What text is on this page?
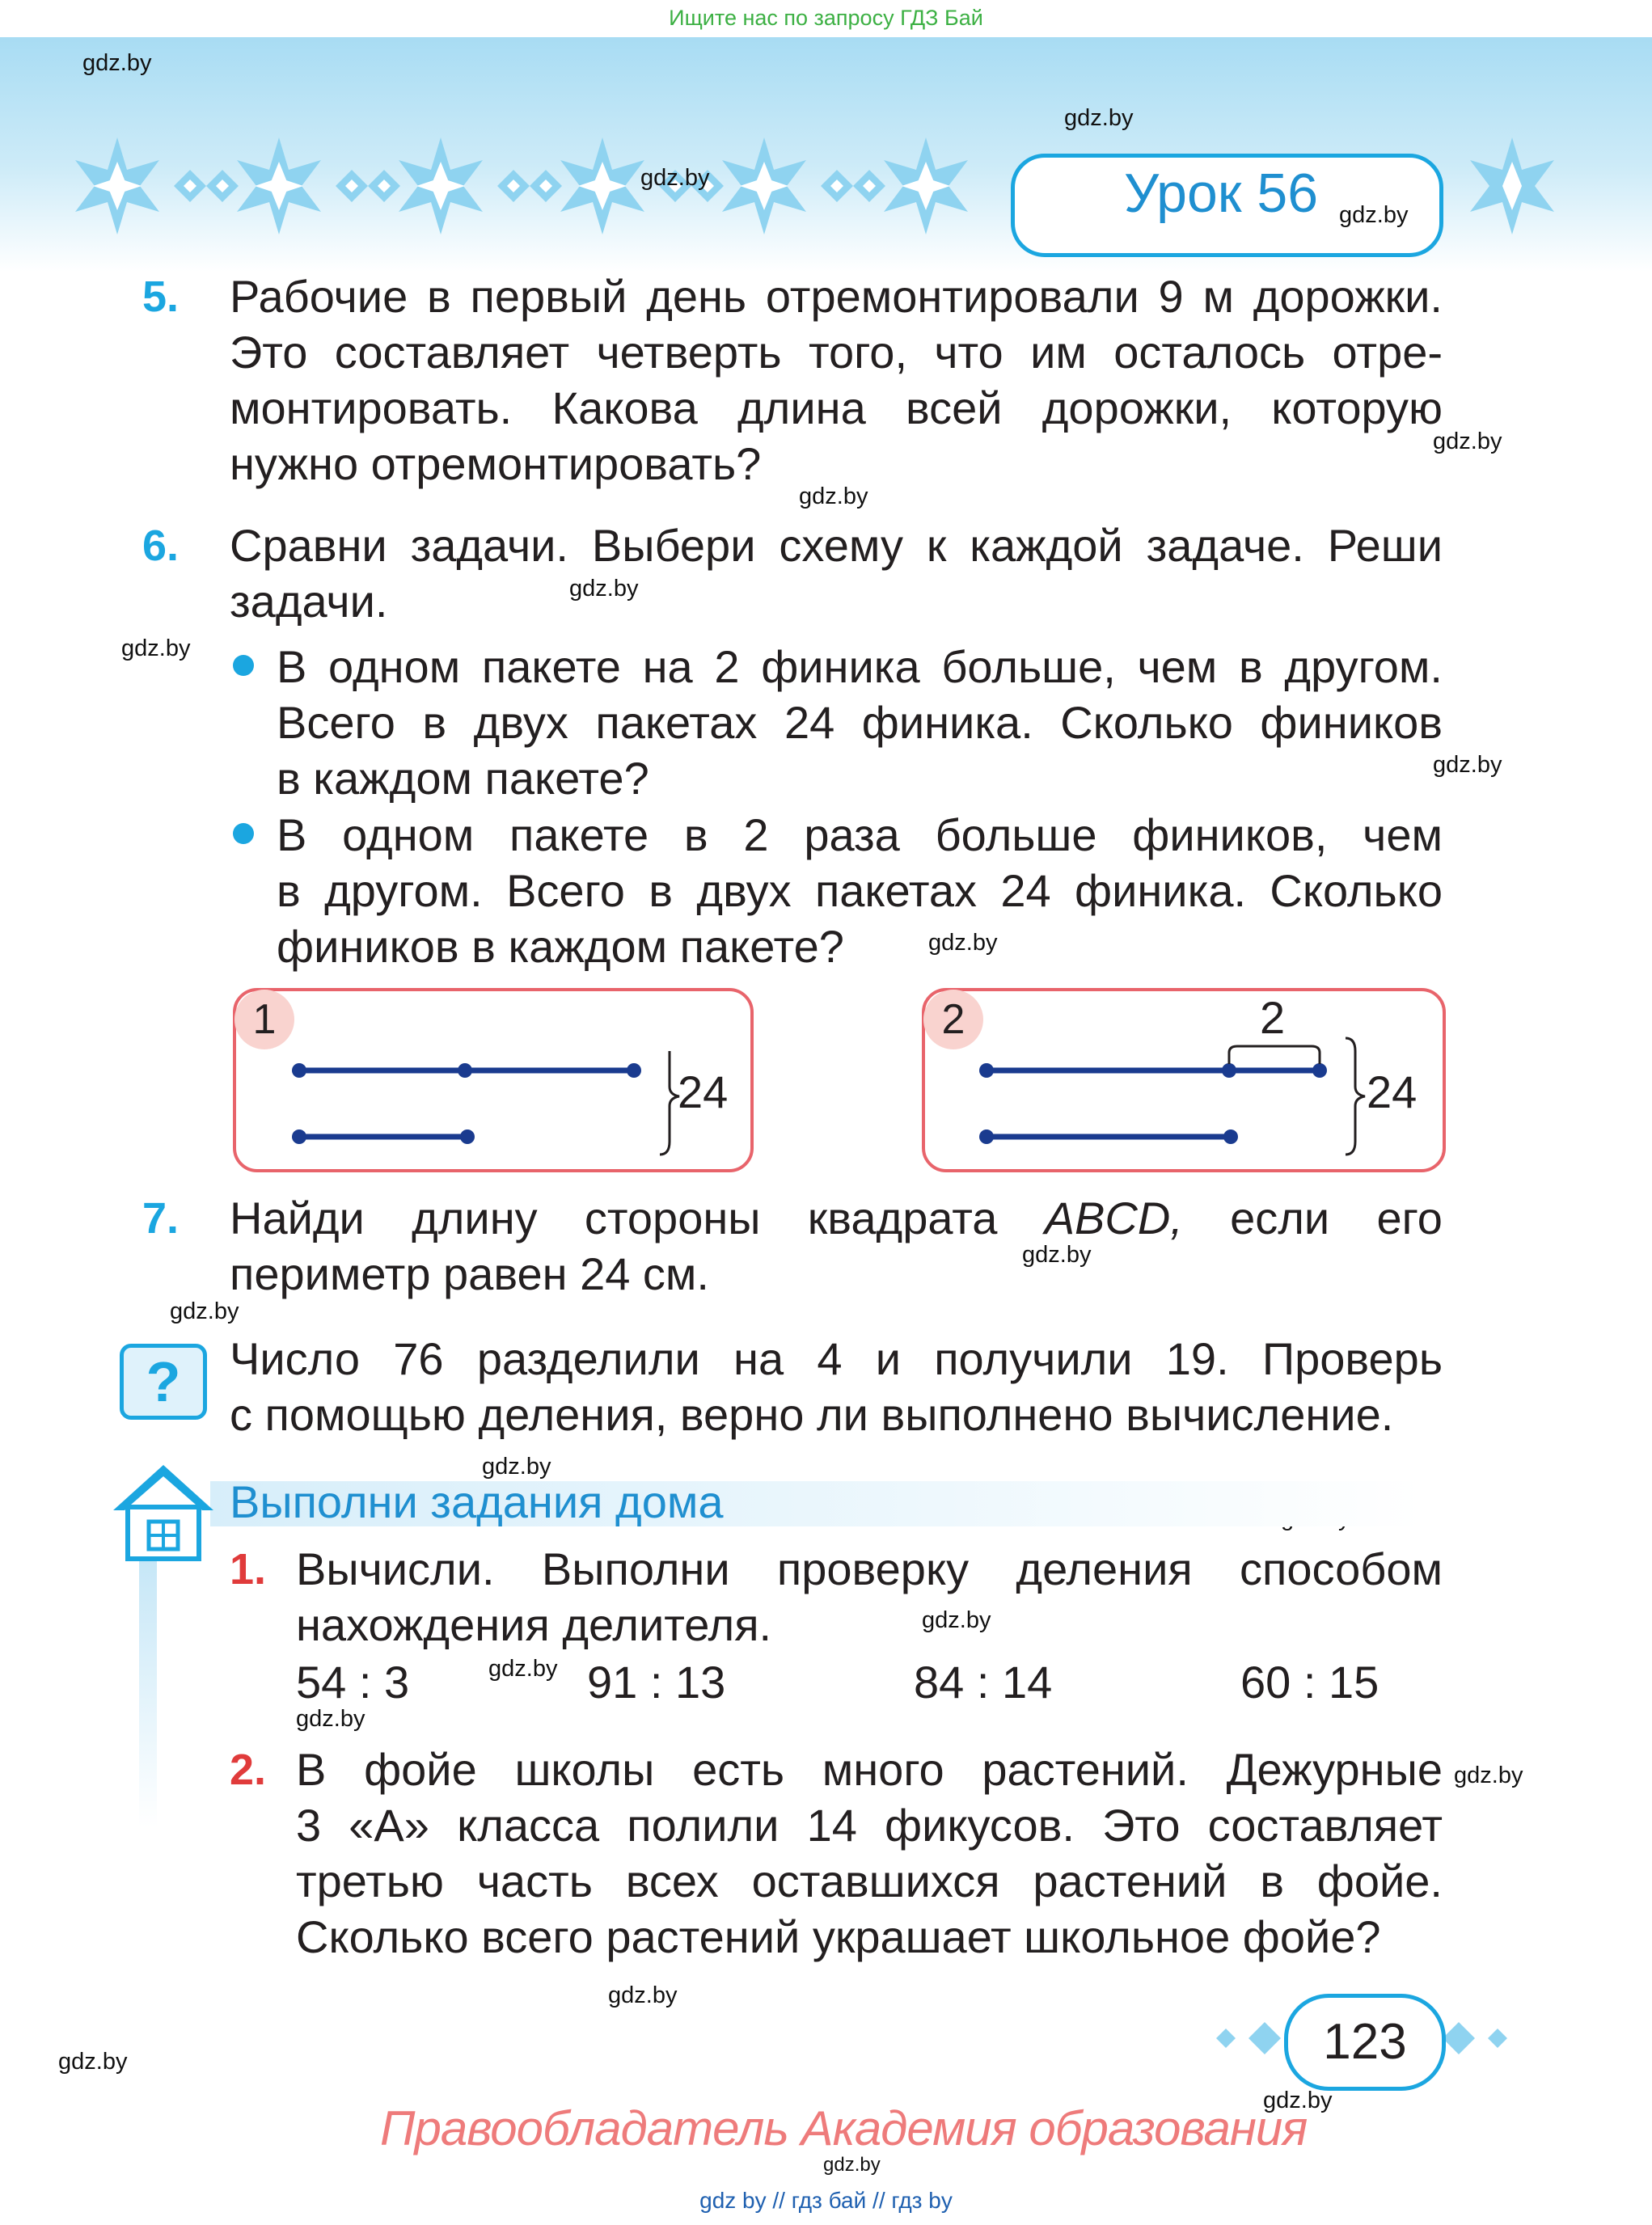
Ищите нас по запросу ГДЗ Бай
Урок 56
gdz.by
gdz.by
gdz.by
gdz.by
gdz.by
gdz.by
gdz.by
gdz.by
gdz.by
gdz.by
gdz.by
gdz.by
gdz.by
gdz.by
gdz.by
gdz.by
gdz.by
gdz.by
gdz.by
gdz.by
gdz.by
5. Рабочие в первый день отремонтировали 9 м дорожки.
Это составляет четверть того, что им осталось отре-
монтировать. Какова длина всей дорожки, которую
нужно отремонтировать?
6. Сравни задачи. Выбери схему к каждой задаче. Реши
задачи.
В одном пакете на 2 финика больше, чем в другом.
Всего в двух пакетах 24 финика. Сколько фиников
в каждом пакете?
В одном пакете в 2 раза больше фиников, чем
в другом. Всего в двух пакетах 24 финика. Сколько
фиников в каждом пакете?
1
24
2	2
24
7. Найди длину стороны квадрата ABCD, если его
периметр равен 24 см.
?	Число 76 разделили на 4 и получили 19. Проверь
с помощью деления, верно ли выполнено вычисление.
Выполни задания дома
1. Вычисли. Выполни проверку деления способом
нахождения делителя.
54 : 3	91 : 13	84 : 14	60 : 15
2. В фойе школы есть много растений. Дежурные
3 «А» класса полили 14 фикусов. Это составляет
третью часть всех оставшихся растений в фойе.
Сколько всего растений украшает школьное фойе?
123
Правообладатель Академия образования
gdz by // гдз бай // гдз by
